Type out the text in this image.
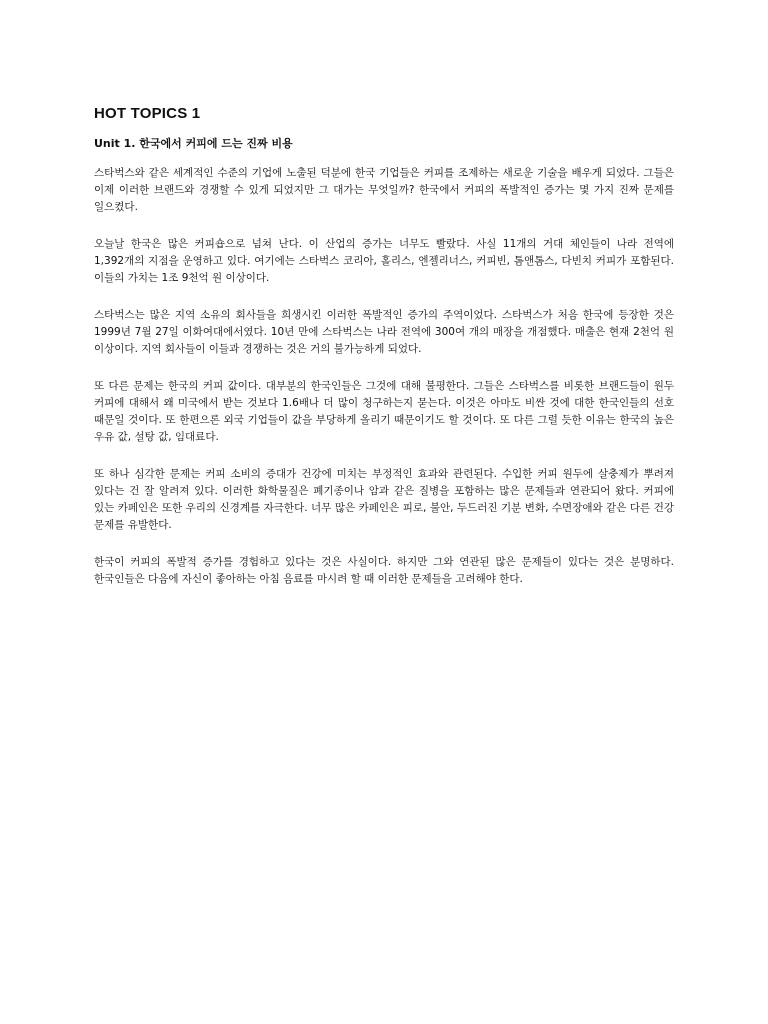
HOT TOPICS 1
Unit 1. 한국에서 커피에 드는 진짜 비용

스타벅스와 같은 세계적인 수준의 기업에 노출된 덕분에 한국 기업들은 커피를 조제하는 새로운 기술을 배우게 되었다. 그들은 이제 이러한 브랜드와 경쟁할 수 있게 되었지만 그 대가는 무엇일까? 한국에서 커피의 폭발적인 증가는 몇 가지 진짜 문제를 일으켰다.

오늘날 한국은 많은 커피숍으로 넘쳐 난다. 이 산업의 증가는 너무도 빨랐다. 사실 11개의 거대 체인들이 나라 전역에 1,392개의 지점을 운영하고 있다. 여기에는 스타벅스 코리아, 홀리스, 엔젤리너스, 커피빈, 톰앤톰스, 다빈치 커피가 포함된다. 이들의 가치는 1조 9천억 원 이상이다.

스타벅스는 많은 지역 소유의 회사들을 희생시킨 이러한 폭발적인 증가의 주역이었다. 스타벅스가 처음 한국에 등장한 것은 1999년 7월 27일 이화여대에서였다. 10년 만에 스타벅스는 나라 전역에 300여 개의 매장을 개점했다. 매출은 현재 2천억 원 이상이다. 지역 회사들이 이들과 경쟁하는 것은 거의 불가능하게 되었다.

또 다른 문제는 한국의 커피 값이다. 대부분의 한국인들은 그것에 대해 불평한다. 그들은 스타벅스를 비롯한 브랜드들이 원두 커피에 대해서 왜 미국에서 받는 것보다 1.6배나 더 많이 청구하는지 묻는다. 이것은 아마도 비싼 것에 대한 한국인들의 선호 때문일 것이다. 또 한편으론 외국 기업들이 값을 부당하게 올리기 때문이기도 할 것이다. 또 다른 그럴 듯한 이유는 한국의 높은 우유 값, 설탕 값, 임대료다.

또 하나 심각한 문제는 커피 소비의 증대가 건강에 미치는 부정적인 효과와 관련된다. 수입한 커피 원두에 살충제가 뿌려져 있다는 건 잘 알려져 있다. 이러한 화학물질은 폐기종이나 암과 같은 질병을 포함하는 많은 문제들과 연관되어 왔다. 커피에 있는 카페인은 또한 우리의 신경계를 자극한다. 너무 많은 카페인은 피로, 불안, 두드러진 기분 변화, 수면장애와 같은 다른 건강 문제를 유발한다.

한국이 커피의 폭발적 증가를 경험하고 있다는 것은 사실이다. 하지만 그와 연관된 많은 문제들이 있다는 것은 분명하다. 한국인들은 다음에 자신이 좋아하는 아침 음료를 마시려 할 때 이러한 문제들을 고려해야 한다.
